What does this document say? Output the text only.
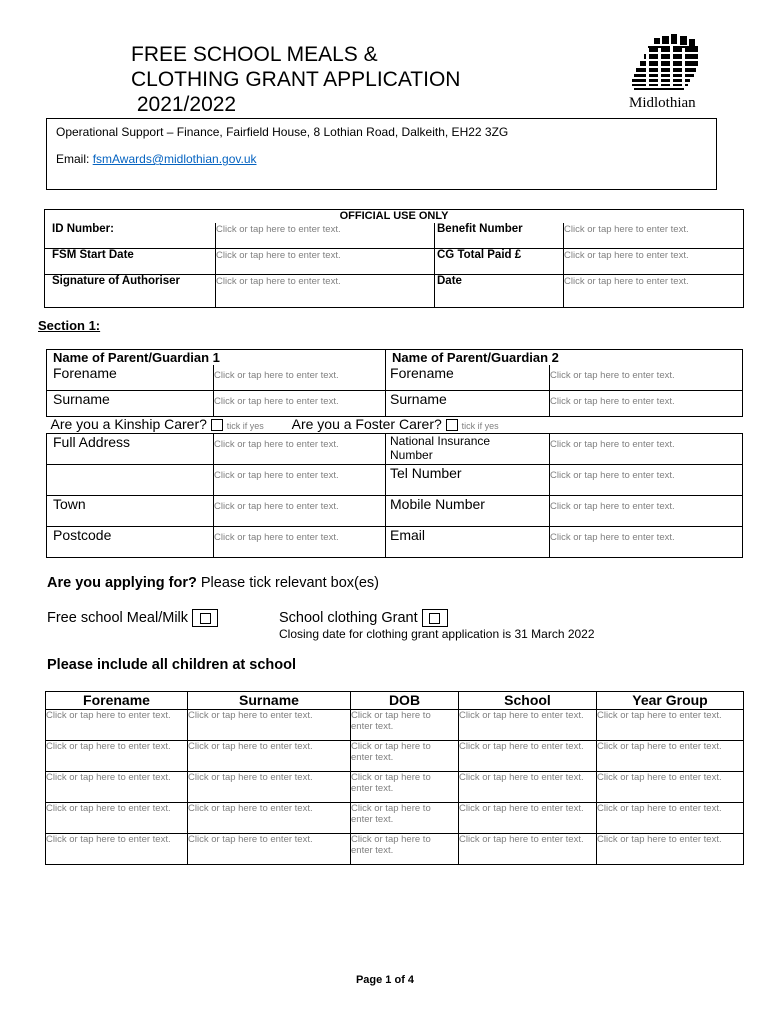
FREE SCHOOL MEALS &
CLOTHING GRANT APPLICATION
2021/2022	Midlothian
Operational Support – Finance, Fairfield House, 8 Lothian Road, Dalkeith, EH22 3ZG
Email: fsmAwards@midlothian.gov.uk
OFFICIAL USE ONLY			
ID Number:	Click or tap here to enter text.	Benefit Number	Click or tap here to enter text.
FSM Start Date	Click or tap here to enter text.	CG Total Paid £	Click or tap here to enter text.
Signature of Authoriser	Click or tap here to enter text.	Date	Click or tap here to enter text.
Section 1:
Name of Parent/Guardian 1		Name of Parent/Guardian 2	
Forename	Click or tap here to enter text.	Forename	Click or tap here to enter text.
Surname	Click or tap here to enter text.	Surname	Click or tap here to enter text.
Are you a Kinship Carer? tick if yes Are you a Foster Carer? tick if yes			
Full Address	Click or tap here to enter text.	National Insurance Number	Click or tap here to enter text.
	Click or tap here to enter text.	Tel Number	Click or tap here to enter text.
Town	Click or tap here to enter text.	Mobile Number	Click or tap here to enter text.
Postcode	Click or tap here to enter text.	Email	Click or tap here to enter text.
Are you applying for? Please tick relevant box(es)
Free school Meal/Milk	School clothing Grant
Closing date for clothing grant application is 31 March 2022
Please include all children at school
Forename	Surname	DOB	School	Year Group
Click or tap here to enter text.	Click or tap here to enter text.	Click or tap here to enter text.	Click or tap here to enter text.	Click or tap here to enter text.
Click or tap here to enter text.	Click or tap here to enter text.	Click or tap here to enter text.	Click or tap here to enter text.	Click or tap here to enter text.
Click or tap here to enter text.	Click or tap here to enter text.	Click or tap here to enter text.	Click or tap here to enter text.	Click or tap here to enter text.
Click or tap here to enter text.	Click or tap here to enter text.	Click or tap here to enter text.	Click or tap here to enter text.	Click or tap here to enter text.
Click or tap here to enter text.	Click or tap here to enter text.	Click or tap here to enter text.	Click or tap here to enter text.	Click or tap here to enter text.
Page 1 of 4
